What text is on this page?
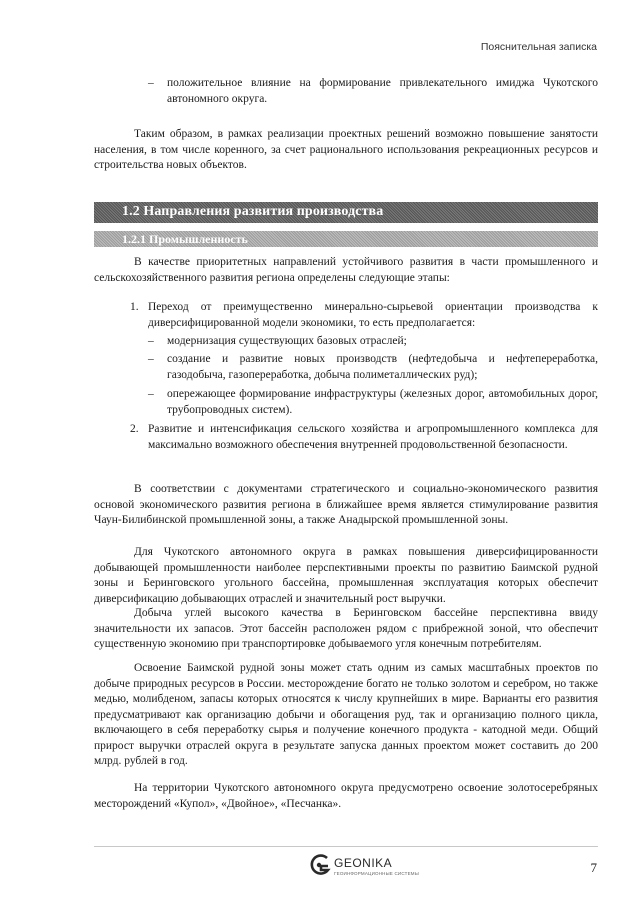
Пояснительная записка
– положительное влияние на формирование привлекательного имиджа Чукотского автономного округа.
Таким образом, в рамках реализации проектных решений возможно повышение занятости населения, в том числе коренного, за счет рационального использования рекреационных ресурсов и строительства новых объектов.
1.2 Направления развития производства
1.2.1 Промышленность
В качестве приоритетных направлений устойчивого развития в части промышленного и сельскохозяйственного развития региона определены следующие этапы:
1. Переход от преимущественно минерально-сырьевой ориентации производства к диверсифицированной модели экономики, то есть предполагается:
– модернизация существующих базовых отраслей;
– создание и развитие новых производств (нефтедобыча и нефтепереработка, газодобыча, газопереработка, добыча полиметаллических руд);
– опережающее формирование инфраструктуры (железных дорог, автомобильных дорог, трубопроводных систем).
2. Развитие и интенсификация сельского хозяйства и агропромышленного комплекса для максимально возможного обеспечения внутренней продовольственной безопасности.
В соответствии с документами стратегического и социально-экономического развития основой экономического развития региона в ближайшее время является стимулирование развития Чаун-Билибинской промышленной зоны, а также Анадырской промышленной зоны.
Для Чукотского автономного округа в рамках повышения диверсифицированности добывающей промышленности наиболее перспективными проекты по развитию Баимской рудной зоны и Беринговского угольного бассейна, промышленная эксплуатация которых обеспечит диверсификацию добывающих отраслей и значительный рост выручки.
Добыча углей высокого качества в Беринговском бассейне перспективна ввиду значительности их запасов. Этот бассейн расположен рядом с прибрежной зоной, что обеспечит существенную экономию при транспортировке добываемого угля конечным потребителям.
Освоение Баимской рудной зоны может стать одним из самых масштабных проектов по добыче природных ресурсов в России. месторождение богато не только золотом и серебром, но также медью, молибденом, запасы которых относятся к числу крупнейших в мире. Варианты его развития предусматривают как организацию добычи и обогащения руд, так и организацию полного цикла, включающего в себя переработку сырья и получение конечного продукта - катодной меди. Общий прирост выручки отраслей округа в результате запуска данных проектом может составить до 200 млрд. рублей в год.
На территории Чукотского автономного округа предусмотрено освоение золотосеребряных месторождений «Купол», «Двойное», «Песчанка».
GEONIKA
ГЕОИНФОРМАЦИОННЫЕ СИСТЕМЫ	7
